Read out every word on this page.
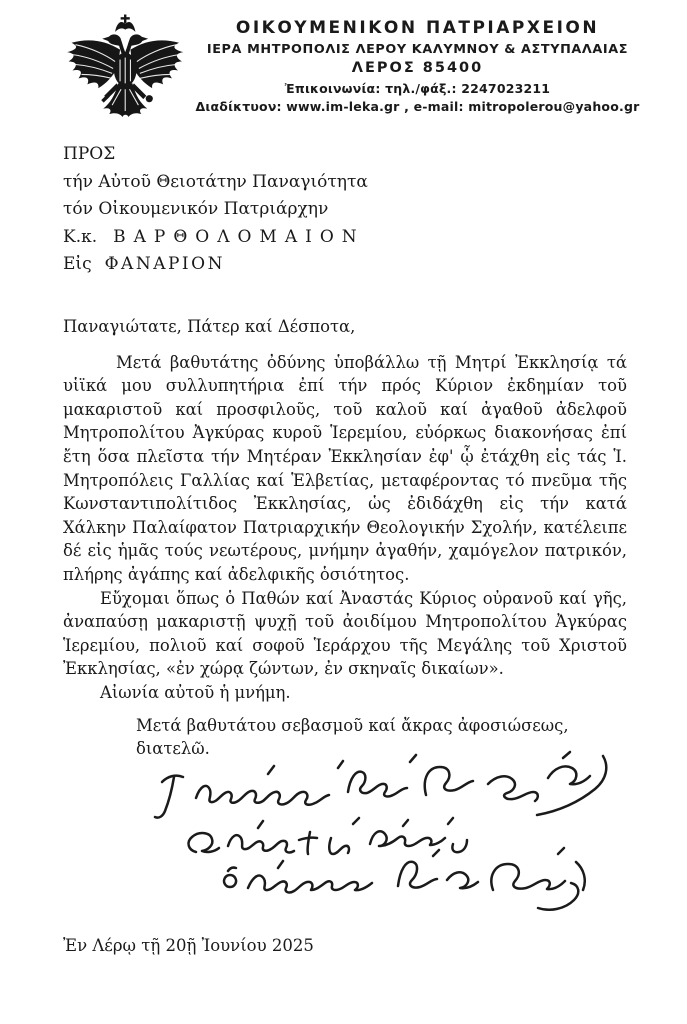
ΟΙΚΟΥΜΕΝΙΚΟΝ ΠΑΤΡΙΑΡΧΕΙΟΝ
ΙΕΡΑ ΜΗΤΡΟΠΟΛΙΣ ΛΕΡΟΥ ΚΑΛΥΜΝΟΥ & ΑΣΤΥΠΑΛΑΙΑΣ
ΛΕΡΟΣ 85400
Ἐπικοινωνία: τηλ./φάξ.: 2247023211
Διαδίκτυον: www.im-leka.gr , e-mail: mitropolerou@yahoo.gr
ΠΡΟΣ
τήν Αὐτοῦ Θειοτάτην Παναγιότητα
τόν Οἰκουμενικόν Πατριάρχην
Κ.κ. ΒΑΡΘΟΛΟΜΑΙΟΝ
Εἰς ΦΑΝΑΡΙΟΝ

Παναγιώτατε, Πάτερ καί Δέσποτα,

Μετά βαθυτάτης ὀδύνης ὑποβάλλω τῇ Μητρί Ἐκκλησίᾳ τά υἱϊκά μου συλλυπητήρια ἐπί τήν πρός Κύριον ἐκδημίαν τοῦ μακαριστοῦ καί προσφιλοῦς, τοῦ καλοῦ καί ἀγαθοῦ ἀδελφοῦ Μητροπολίτου Ἀγκύρας κυροῦ Ἱερεμίου, εὐόρκως διακονήσας ἐπί ἔτη ὅσα πλεῖστα τήν Μητέραν Ἐκκλησίαν ἐφ' ᾧ ἐτάχθη εἰς τάς Ἱ. Μητροπόλεις Γαλλίας καί Ἑλβετίας, μεταφέροντας τό πνεῦμα τῆς Κωνσταντιπολίτιδος Ἐκκλησίας, ὡς ἐδιδάχθη εἰς τήν κατά Χάλκην Παλαίφατον Πατριαρχικήν Θεολογικήν Σχολήν, κατέλειπε δέ εἰς ἡμᾶς τούς νεωτέρους, μνήμην ἀγαθήν, χαμόγελον πατρικόν, πλήρης ἀγάπης καί ἀδελφικῆς ὁσιότητος.

Εὔχομαι ὅπως ὁ Παθών καί Ἀναστάς Κύριος οὐρανοῦ καί γῆς, ἀναπαύσῃ μακαριστῇ ψυχῇ τοῦ ἀοιδίμου Μητροπολίτου Ἀγκύρας Ἱερεμίου, πολιοῦ καί σοφοῦ Ἱεράρχου τῆς Μεγάλης τοῦ Χριστοῦ Ἐκκλησίας, «ἐν χώρᾳ ζώντων, ἐν σκηναῖς δικαίων».

Αἰωνία αὐτοῦ ἡ μνήμη.

Μετά βαθυτάτου σεβασμοῦ καί ἄκρας ἀφοσιώσεως, διατελῶ.

Ἐν Λέρῳ τῇ 20ῇ Ἰουνίου 2025
